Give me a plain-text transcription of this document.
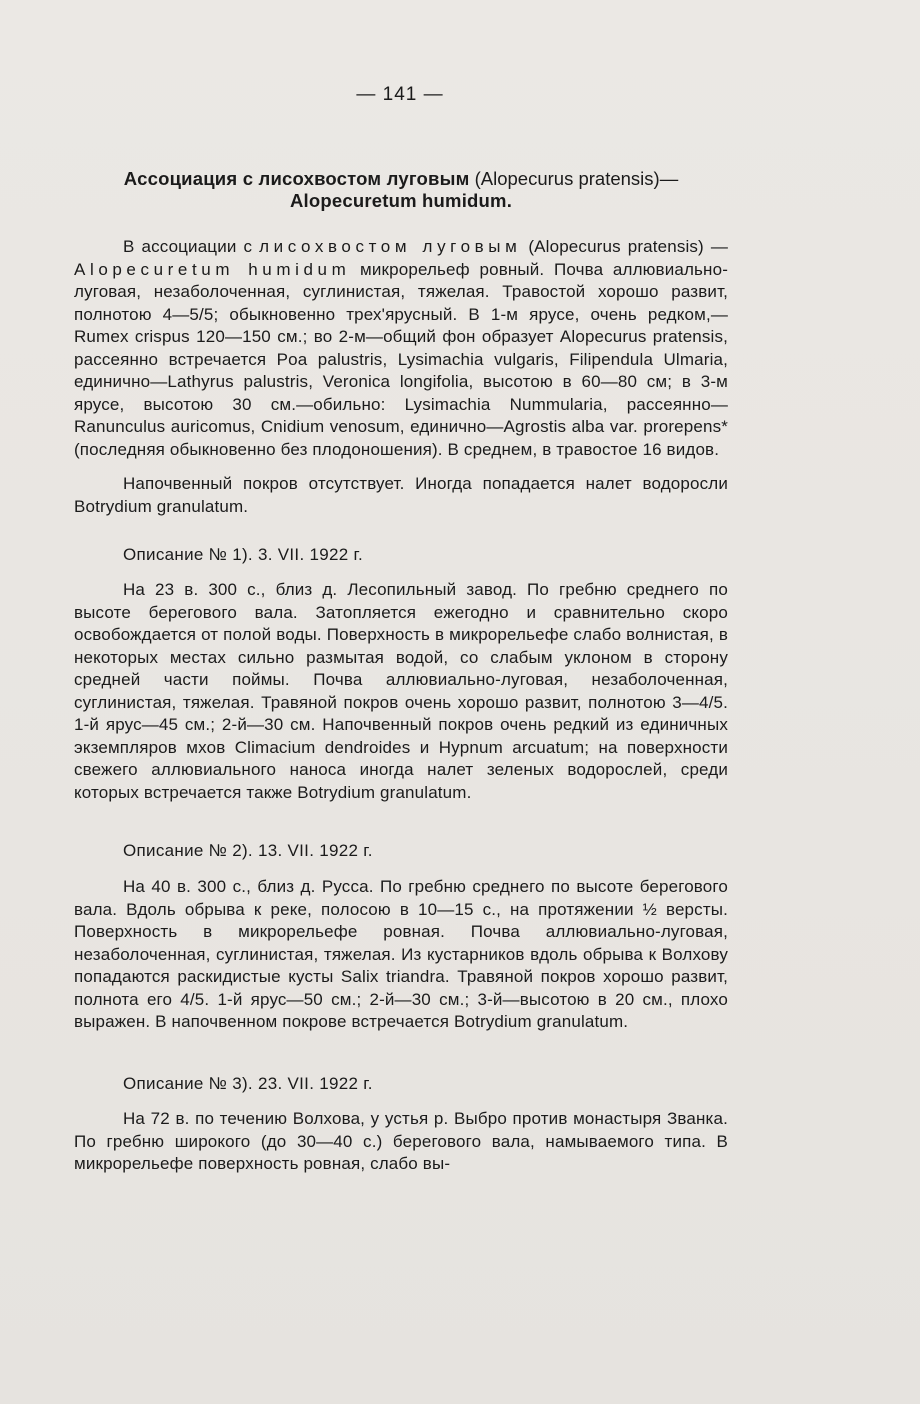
— 141 —
Ассоциация с лисохвостом луговым (Alopecurus pratensis)—
Alopecuretum humidum.
В ассоциации с лисохвостом луговым (Alopecurus pratensis) — Alopecuretum humidum микрорельеф ровный. Почва аллювиально-луговая, незаболоченная, суглинистая, тяжелая. Травостой хорошо развит, полнотою 4—5/5; обыкновенно трех'ярусный. В 1-м ярусе, очень редком,—Rumex crispus 120—150 см.; во 2-м—общий фон образует Alopecurus pratensis, рассеянно встречается Poa palustris, Lysimachia vulgaris, Filipendula Ulmaria, единично—Lathyrus palustris, Veronica longifolia, высотою в 60—80 см; в 3-м ярусе, высотою 30 см.—обильно: Lysimachia Nummularia, рассеянно—Ranunculus auricomus, Cnidium venosum, единично—Agrostis alba var. prorepens* (последняя обыкновенно без плодоношения). В среднем, в травостое 16 видов.
Напочвенный покров отсутствует. Иногда попадается налет водоросли Botrydium granulatum.
Описание № 1). 3. VII. 1922 г.
На 23 в. 300 с., близ д. Лесопильный завод. По гребню среднего по высоте берегового вала. Затопляется ежегодно и сравнительно скоро освобождается от полой воды. Поверхность в микрорельефе слабо волнистая, в некоторых местах сильно размытая водой, со слабым уклоном в сторону средней части поймы. Почва аллювиально-луговая, незаболоченная, суглинистая, тяжелая. Травяной покров очень хорошо развит, полнотою 3—4/5. 1-й ярус—45 см.; 2-й—30 см. Напочвенный покров очень редкий из единичных экземпляров мхов Climacium dendroides и Hypnum arcuatum; на поверхности свежего аллювиального наноса иногда налет зеленых водорослей, среди которых встречается также Botrydium granulatum.
Описание № 2). 13. VII. 1922 г.
На 40 в. 300 с., близ д. Русса. По гребню среднего по высоте берегового вала. Вдоль обрыва к реке, полосою в 10—15 с., на протяжении ½ версты. Поверхность в микрорельефе ровная. Почва аллювиально-луговая, незаболоченная, суглинистая, тяжелая. Из кустарников вдоль обрыва к Волхову попадаются раскидистые кусты Salix triandra. Травяной покров хорошо развит, полнота его 4/5. 1-й ярус—50 см.; 2-й—30 см.; 3-й—высотою в 20 см., плохо выражен. В напочвенном покрове встречается Botrydium granulatum.
Описание № 3). 23. VII. 1922 г.
На 72 в. по течению Волхова, у устья р. Выбро против монастыря Званка. По гребню широкого (до 30—40 с.) берегового вала, намываемого типа. В микрорельефе поверхность ровная, слабо вы-
